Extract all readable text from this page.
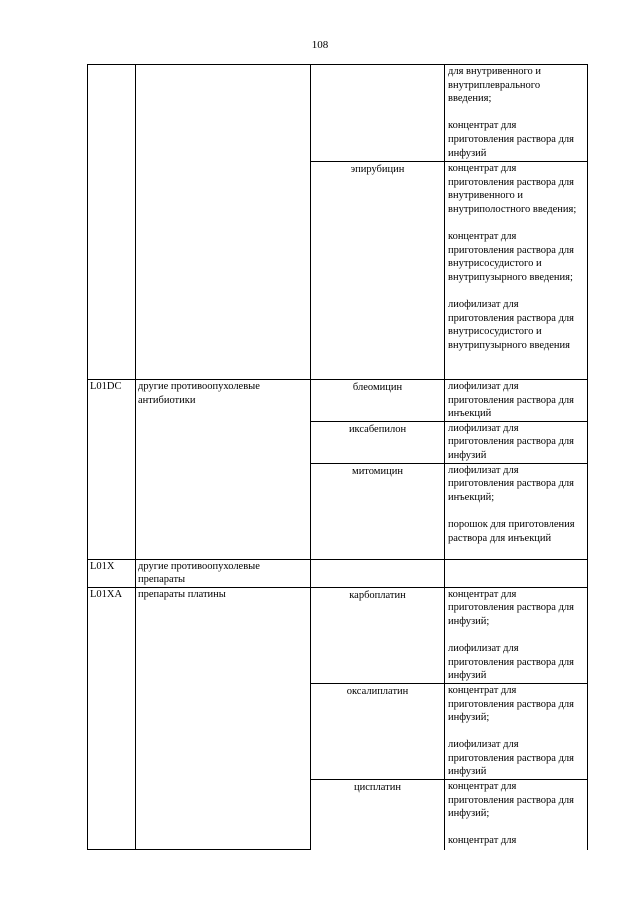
108

			для внутривенного и внутриплеврального введения;
концентрат для приготовления раствора для инфузий

		эпирубицин	концентрат для приготовления раствора для внутривенного и внутриполостного введения;
концентрат для приготовления раствора для внутрисосудистого и внутрипузырного введения;
лиофилизат для приготовления раствора для внутрисосудистого и внутрипузырного введения

L01DC	другие противоопухолевые антибиотики	блеомицин	лиофилизат для приготовления раствора для инъекций

		иксабепилон	лиофилизат для приготовления раствора для инфузий

		митомицин	лиофилизат для приготовления раствора для инъекций;
порошок для приготовления раствора для инъекций

L01X	другие противоопухолевые препараты		
L01XA	препараты платины	карбоплатин	концентрат для приготовления раствора для инфузий;
лиофилизат для приготовления раствора для инфузий

		оксалиплатин	концентрат для приготовления раствора для инфузий;
лиофилизат для приготовления раствора для инфузий

		цисплатин	концентрат для приготовления раствора для инфузий;
концентрат для
